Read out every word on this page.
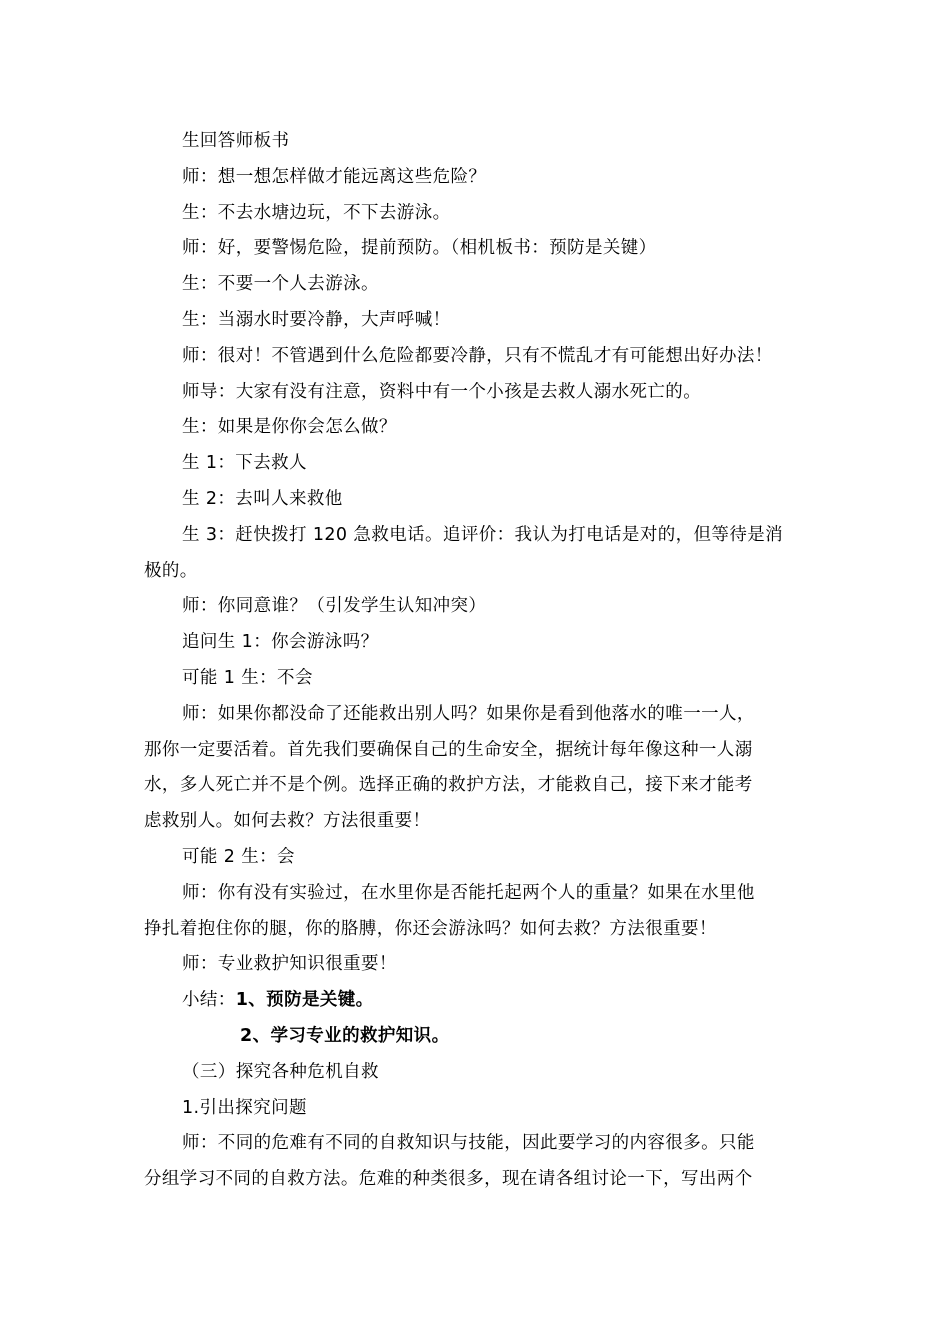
生回答师板书

师：想一想怎样做才能远离这些危险？

生：不去水塘边玩，不下去游泳。

师：好，要警惕危险，提前预防。（相机板书：预防是关键）

生：不要一个人去游泳。

生：当溺水时要冷静，大声呼喊！

师：很对！不管遇到什么危险都要冷静，只有不慌乱才有可能想出好办法！

师导：大家有没有注意，资料中有一个小孩是去救人溺水死亡的。

生：如果是你你会怎么做？

生 1：下去救人

生 2：去叫人来救他

生 3：赶快拨打 120 急救电话。追评价：我认为打电话是对的，但等待是消
极的。

师：你同意谁？（引发学生认知冲突）

追问生 1：你会游泳吗？

可能 1 生：不会

师：如果你都没命了还能救出别人吗？如果你是看到他落水的唯一一人，
那你一定要活着。首先我们要确保自己的生命安全，据统计每年像这种一人溺
水，多人死亡并不是个例。选择正确的救护方法，才能救自己，接下来才能考
虑救别人。如何去救？方法很重要！

可能 2 生：会

师：你有没有实验过，在水里你是否能托起两个人的重量？如果在水里他
挣扎着抱住你的腿，你的胳膊，你还会游泳吗？如何去救？方法很重要！

师：专业救护知识很重要！

小结：1、预防是关键。

2、学习专业的救护知识。

（三）探究各种危机自救

1.引出探究问题

师：不同的危难有不同的自救知识与技能，因此要学习的内容很多。只能
分组学习不同的自救方法。危难的种类很多，现在请各组讨论一下，写出两个
